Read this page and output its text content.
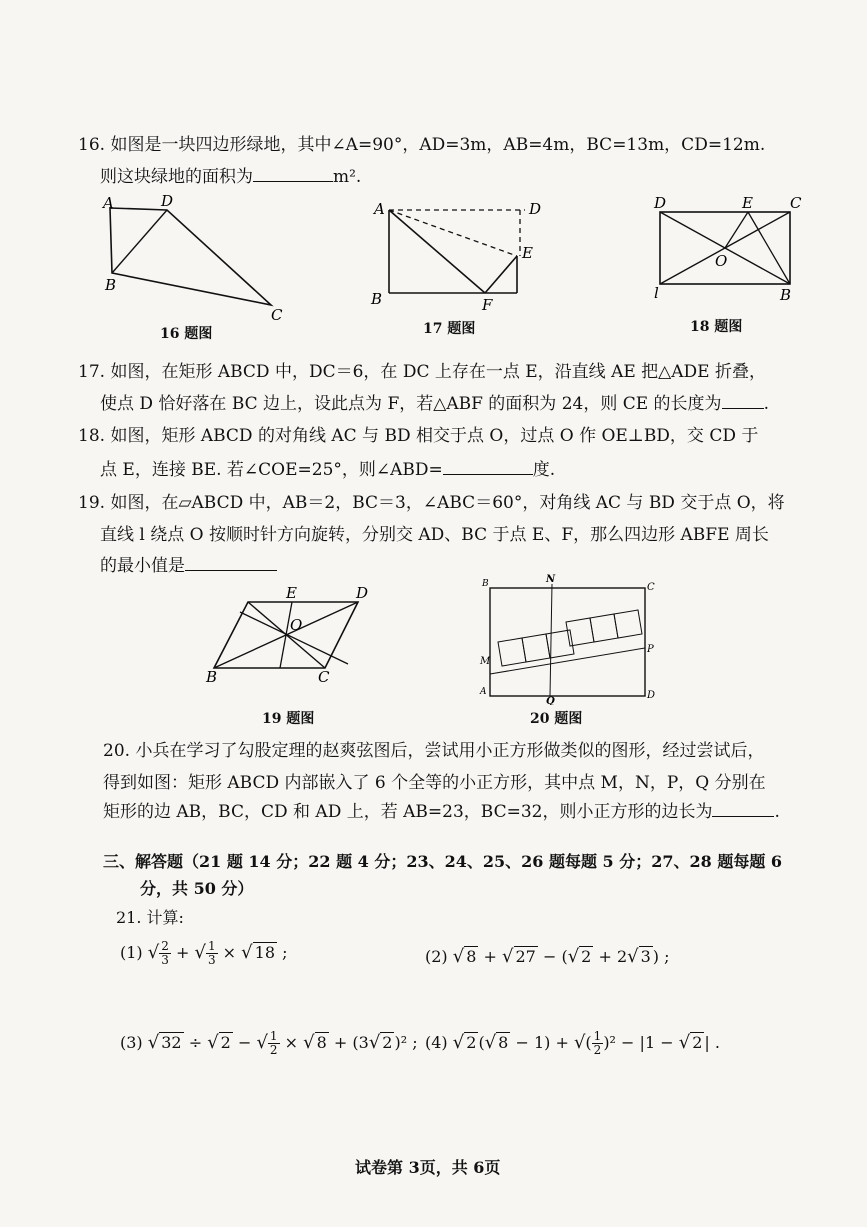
16. 如图是一块四边形绿地，其中∠A=90°，AD=3m，AB=4m，BC=13m，CD=12m.
则这块绿地的面积为	m².
A	D
B
C
16 题图
A	D
E
B	F
17 题图
D	E C
O
l	B
18 题图
17. 如图，在矩形 ABCD 中，DC＝6，在 DC 上存在一点 E，沿直线 AE 把△ADE 折叠，
使点 D 恰好落在 BC 边上，设此点为 F，若△ABF 的面积为 24，则 CE 的长度为 .
18. 如图，矩形 ABCD 的对角线 AC 与 BD 相交于点 O，过点 O 作 OE⊥BD，交 CD 于
点 E，连接 BE. 若∠COE=25°，则∠ABD=	度.
19. 如图，在▱ABCD 中，AB＝2，BC＝3，∠ABC＝60°，对角线 AC 与 BD 交于点 O，将
直线 l 绕点 O 按顺时针方向旋转，分别交 AD、BC 于点 E、F，那么四边形 ABFE 周长
的最小值是
E	D
O
B	C
19 题图
B	N
C
M
P
A
Q
D
20 题图
20. 小兵在学习了勾股定理的赵爽弦图后，尝试用小正方形做类似的图形，经过尝试后，
得到如图：矩形 ABCD 内部嵌入了 6 个全等的小正方形，其中点 M，N，P，Q 分别在
矩形的边 AB，BC，CD 和 AD 上，若 AB=23，BC=32，则小正方形的边长为	.
三、解答题（21 题 14 分；22 题 4 分；23、24、25、26 题每题 5 分；27、28 题每题 6
分，共 50 分）
21. 计算:
(1) √ $\frac{2}{3}$ + √ $\frac{1}{3}$ × √ 18 ;	(2) √ 8 + √ 27 − (√ 2 + 2√ 3 ) ;
(3) √ 32 ÷ √ 2 − √ $\frac{1}{2}$ × √ 8 + (3√ 2 )² ; (4) √ 2 (√ 8 − 1) + √( $\frac{1}{2} )^2 - |1$ − √ 2 | .
试卷第 3页，共 6页
